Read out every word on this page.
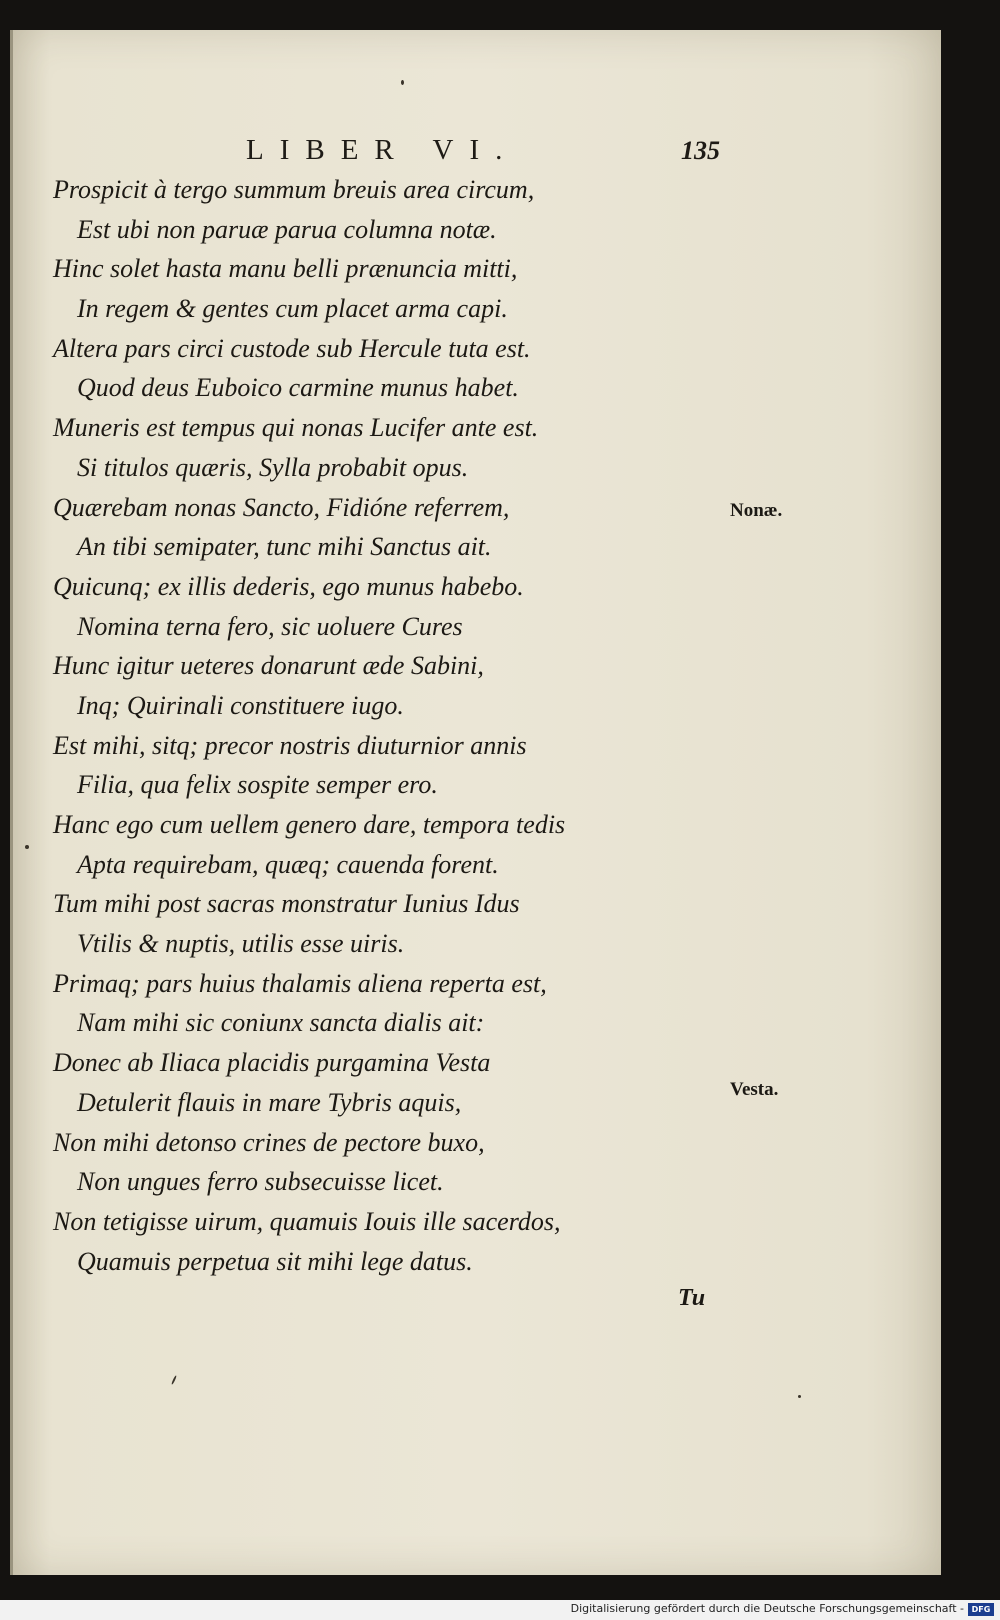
LIBER VI.	135
Prospicit à tergo summum breuis area circum,
Est ubi non paruæ parua columna notæ.
Hinc solet hasta manu belli prænuncia mitti,
In regem & gentes cum placet arma capi.
Altera pars circi custode sub Hercule tuta est.
Quod deus Euboico carmine munus habet.
Muneris est tempus qui nonas Lucifer ante est.
Si titulos quæris, Sylla probabit opus.
Quærebam nonas Sancto, Fidióne referrem,
An tibi semipater, tunc mihi Sanctus ait.
Quicunq; ex illis dederis, ego munus habebo.
Nomina terna fero, sic uoluere Cures
Hunc igitur ueteres donarunt æde Sabini,
Inq; Quirinali constituere iugo.
Est mihi, sitq; precor nostris diuturnior annis
Filia, qua felix sospite semper ero.
Hanc ego cum uellem genero dare, tempora tedis
Apta requirebam, quæq; cauenda forent.
Tum mihi post sacras monstratur Iunius Idus
Vtilis & nuptis, utilis esse uiris.
Primaq; pars huius thalamis aliena reperta est,
Nam mihi sic coniunx sancta dialis ait:
Donec ab Iliaca placidis purgamina Vesta
Detulerit flauis in mare Tybris aquis,
Non mihi detonso crines de pectore buxo,
Non ungues ferro subsecuisse licet.
Non tetigisse uirum, quamuis Iouis ille sacerdos,
Quamuis perpetua sit mihi lege datus.
Nonæ.
Vesta.
Tu
Digitalisierung gefördert durch die Deutsche Forschungsgemeinschaft - DFG
